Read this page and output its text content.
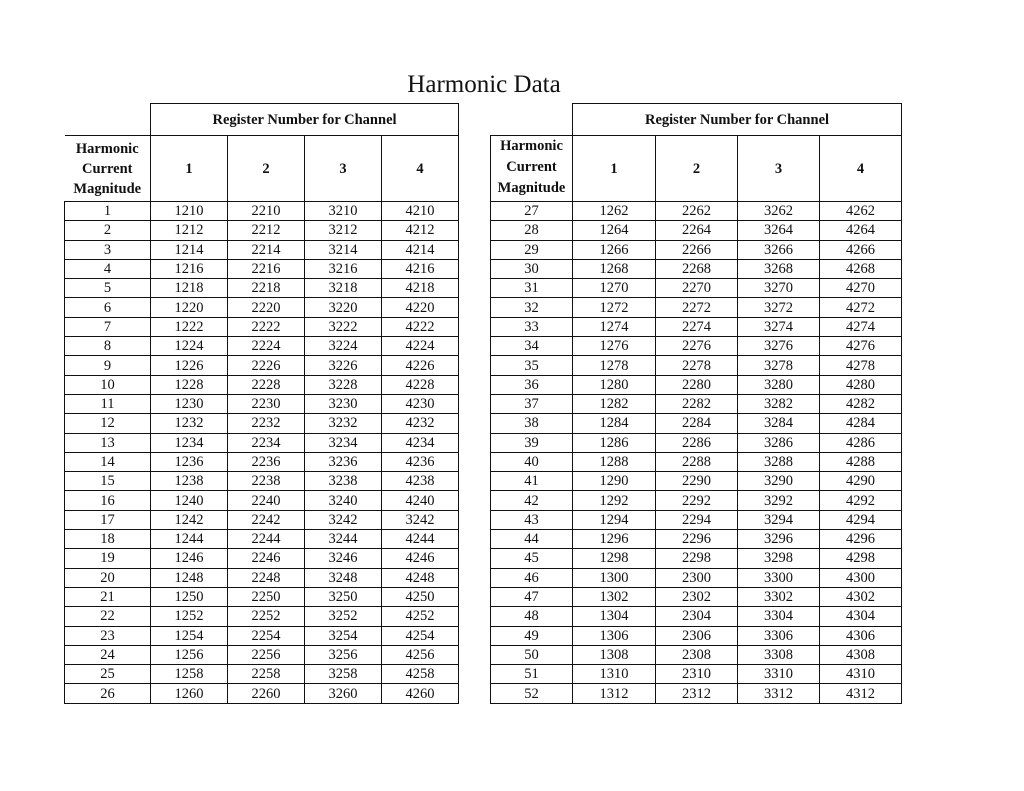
Harmonic Data
	Register Number for Channel			
Harmonic Current Magnitude	1	2	3	4
1	1210	2210	3210	4210
2	1212	2212	3212	4212
3	1214	2214	3214	4214
4	1216	2216	3216	4216
5	1218	2218	3218	4218
6	1220	2220	3220	4220
7	1222	2222	3222	4222
8	1224	2224	3224	4224
9	1226	2226	3226	4226
10	1228	2228	3228	4228
11	1230	2230	3230	4230
12	1232	2232	3232	4232
13	1234	2234	3234	4234
14	1236	2236	3236	4236
15	1238	2238	3238	4238
16	1240	2240	3240	4240
17	1242	2242	3242	3242
18	1244	2244	3244	4244
19	1246	2246	3246	4246
20	1248	2248	3248	4248
21	1250	2250	3250	4250
22	1252	2252	3252	4252
23	1254	2254	3254	4254
24	1256	2256	3256	4256
25	1258	2258	3258	4258
26	1260	2260	3260	4260
	Register Number for Channel			

Harmonic Current Magnitude	1	2	3	4
27	1262	2262	3262	4262
28	1264	2264	3264	4264
29	1266	2266	3266	4266
30	1268	2268	3268	4268
31	1270	2270	3270	4270
32	1272	2272	3272	4272
33	1274	2274	3274	4274
34	1276	2276	3276	4276
35	1278	2278	3278	4278
36	1280	2280	3280	4280
37	1282	2282	3282	4282
38	1284	2284	3284	4284
39	1286	2286	3286	4286
40	1288	2288	3288	4288
41	1290	2290	3290	4290
42	1292	2292	3292	4292
43	1294	2294	3294	4294
44	1296	2296	3296	4296
45	1298	2298	3298	4298
46	1300	2300	3300	4300
47	1302	2302	3302	4302
48	1304	2304	3304	4304
49	1306	2306	3306	4306
50	1308	2308	3308	4308
51	1310	2310	3310	4310
52	1312	2312	3312	4312
